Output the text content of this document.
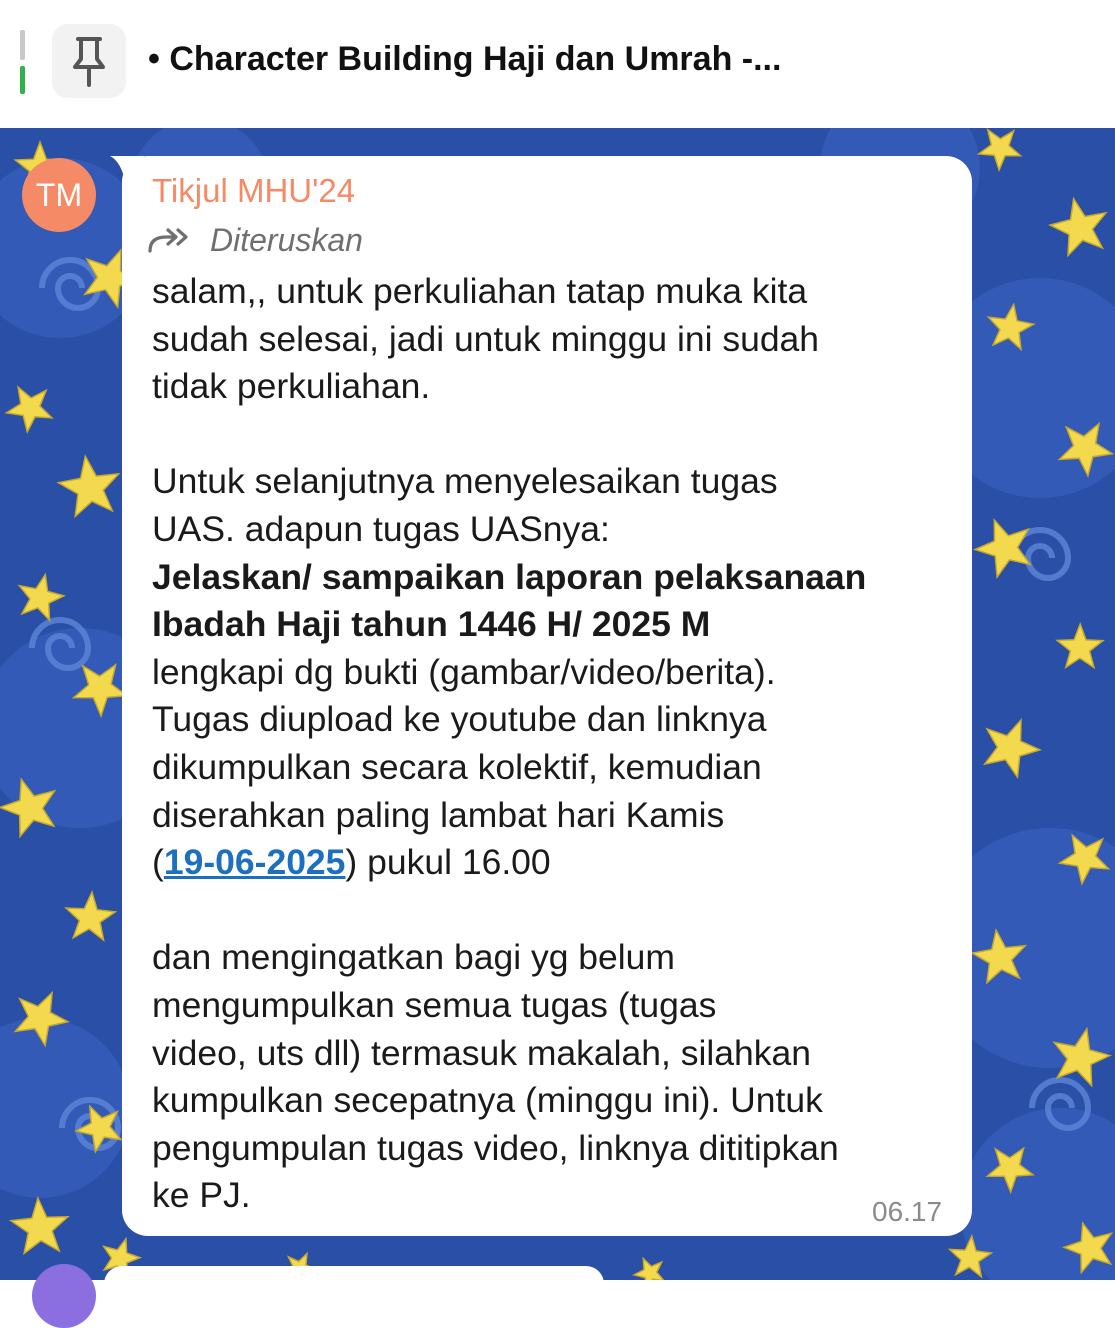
• Character Building Haji dan Umrah -...
TM Tikjul MHU'24
Diteruskan
salam,, untuk perkuliahan tatap muka kita
sudah selesai, jadi untuk minggu ini sudah
tidak perkuliahan.
Untuk selanjutnya menyelesaikan tugas
UAS. adapun tugas UASnya:
Jelaskan/ sampaikan laporan pelaksanaan
Ibadah Haji tahun 1446 H/ 2025 M
lengkapi dg bukti (gambar/video/berita).
Tugas diupload ke youtube dan linknya
dikumpulkan secara kolektif, kemudian
diserahkan paling lambat hari Kamis
(19-06-2025) pukul 16.00
dan mengingatkan bagi yg belum
mengumpulkan semua tugas (tugas
video, uts dll) termasuk makalah, silahkan
kumpulkan secepatnya (minggu ini). Untuk
pengumpulan tugas video, linknya dititipkan
ke PJ.	06.17
